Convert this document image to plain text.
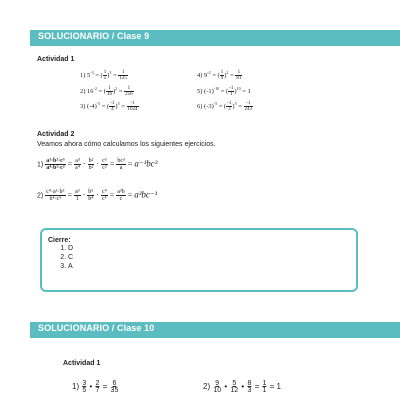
SOLUCIONARIO / Clase 9
Actividad 1
1) $5^{-3}$ = ( $\frac{1}{5} )^3 = \frac{1}{125}$
2) $16^{-2}$ = ( $\frac{1}{16} )^2 = \frac{1}{256}$
3) $(-4)^{-5}$ = ( $\frac{-1}{4} )^5 = \frac{-1}{1024}$
4) $9^{-2}$ = ( $\frac{1}{9} )^2 = \frac{1}{81}$
5) $(-1)^{-10}$ = ( $\frac{-1}{1} )^{10} = 1$
6) $(-3)^{-5}$ = ( $\frac{-1}{3} )^5 = \frac{-1}{243}$
Actividad 2
Veamos ahora cómo calculamos los siguientes ejercicios.
$1) \frac{\text{a³·b²·c⁵}}{\text{a⁴·b²·c²}} = \frac{\text{a³}}{\text{a⁴}} \cdot \frac{\text{b²}}{\text{b²}} \cdot \frac{\text{c⁵}}{\text{c²}} = \frac{\text{bc³}}{a} = a^{-1}bc^3$
$2) \frac{\text{c⁴·a³·b⁵}}{\text{b⁴·c⁵}} = \frac{\text{a³}}{1} \cdot \frac{\text{b⁵}}{\text{b⁴}} \cdot \frac{\text{c⁴}}{\text{c⁵}} = \frac{\text{a³b}}{c} = a^3bc^{-1}$
Cierre:
1. D
2. C
3. A
SOLUCIONARIO / Clase 10
Actividad 1
$1) \frac{3}{5}$ • $\frac{2}{7} = \frac{6}{35}$	$2) \frac{9}{10}$ • $\frac{5}{12}$ • $\frac{8}{3} = \frac{1}{1} = 1$
